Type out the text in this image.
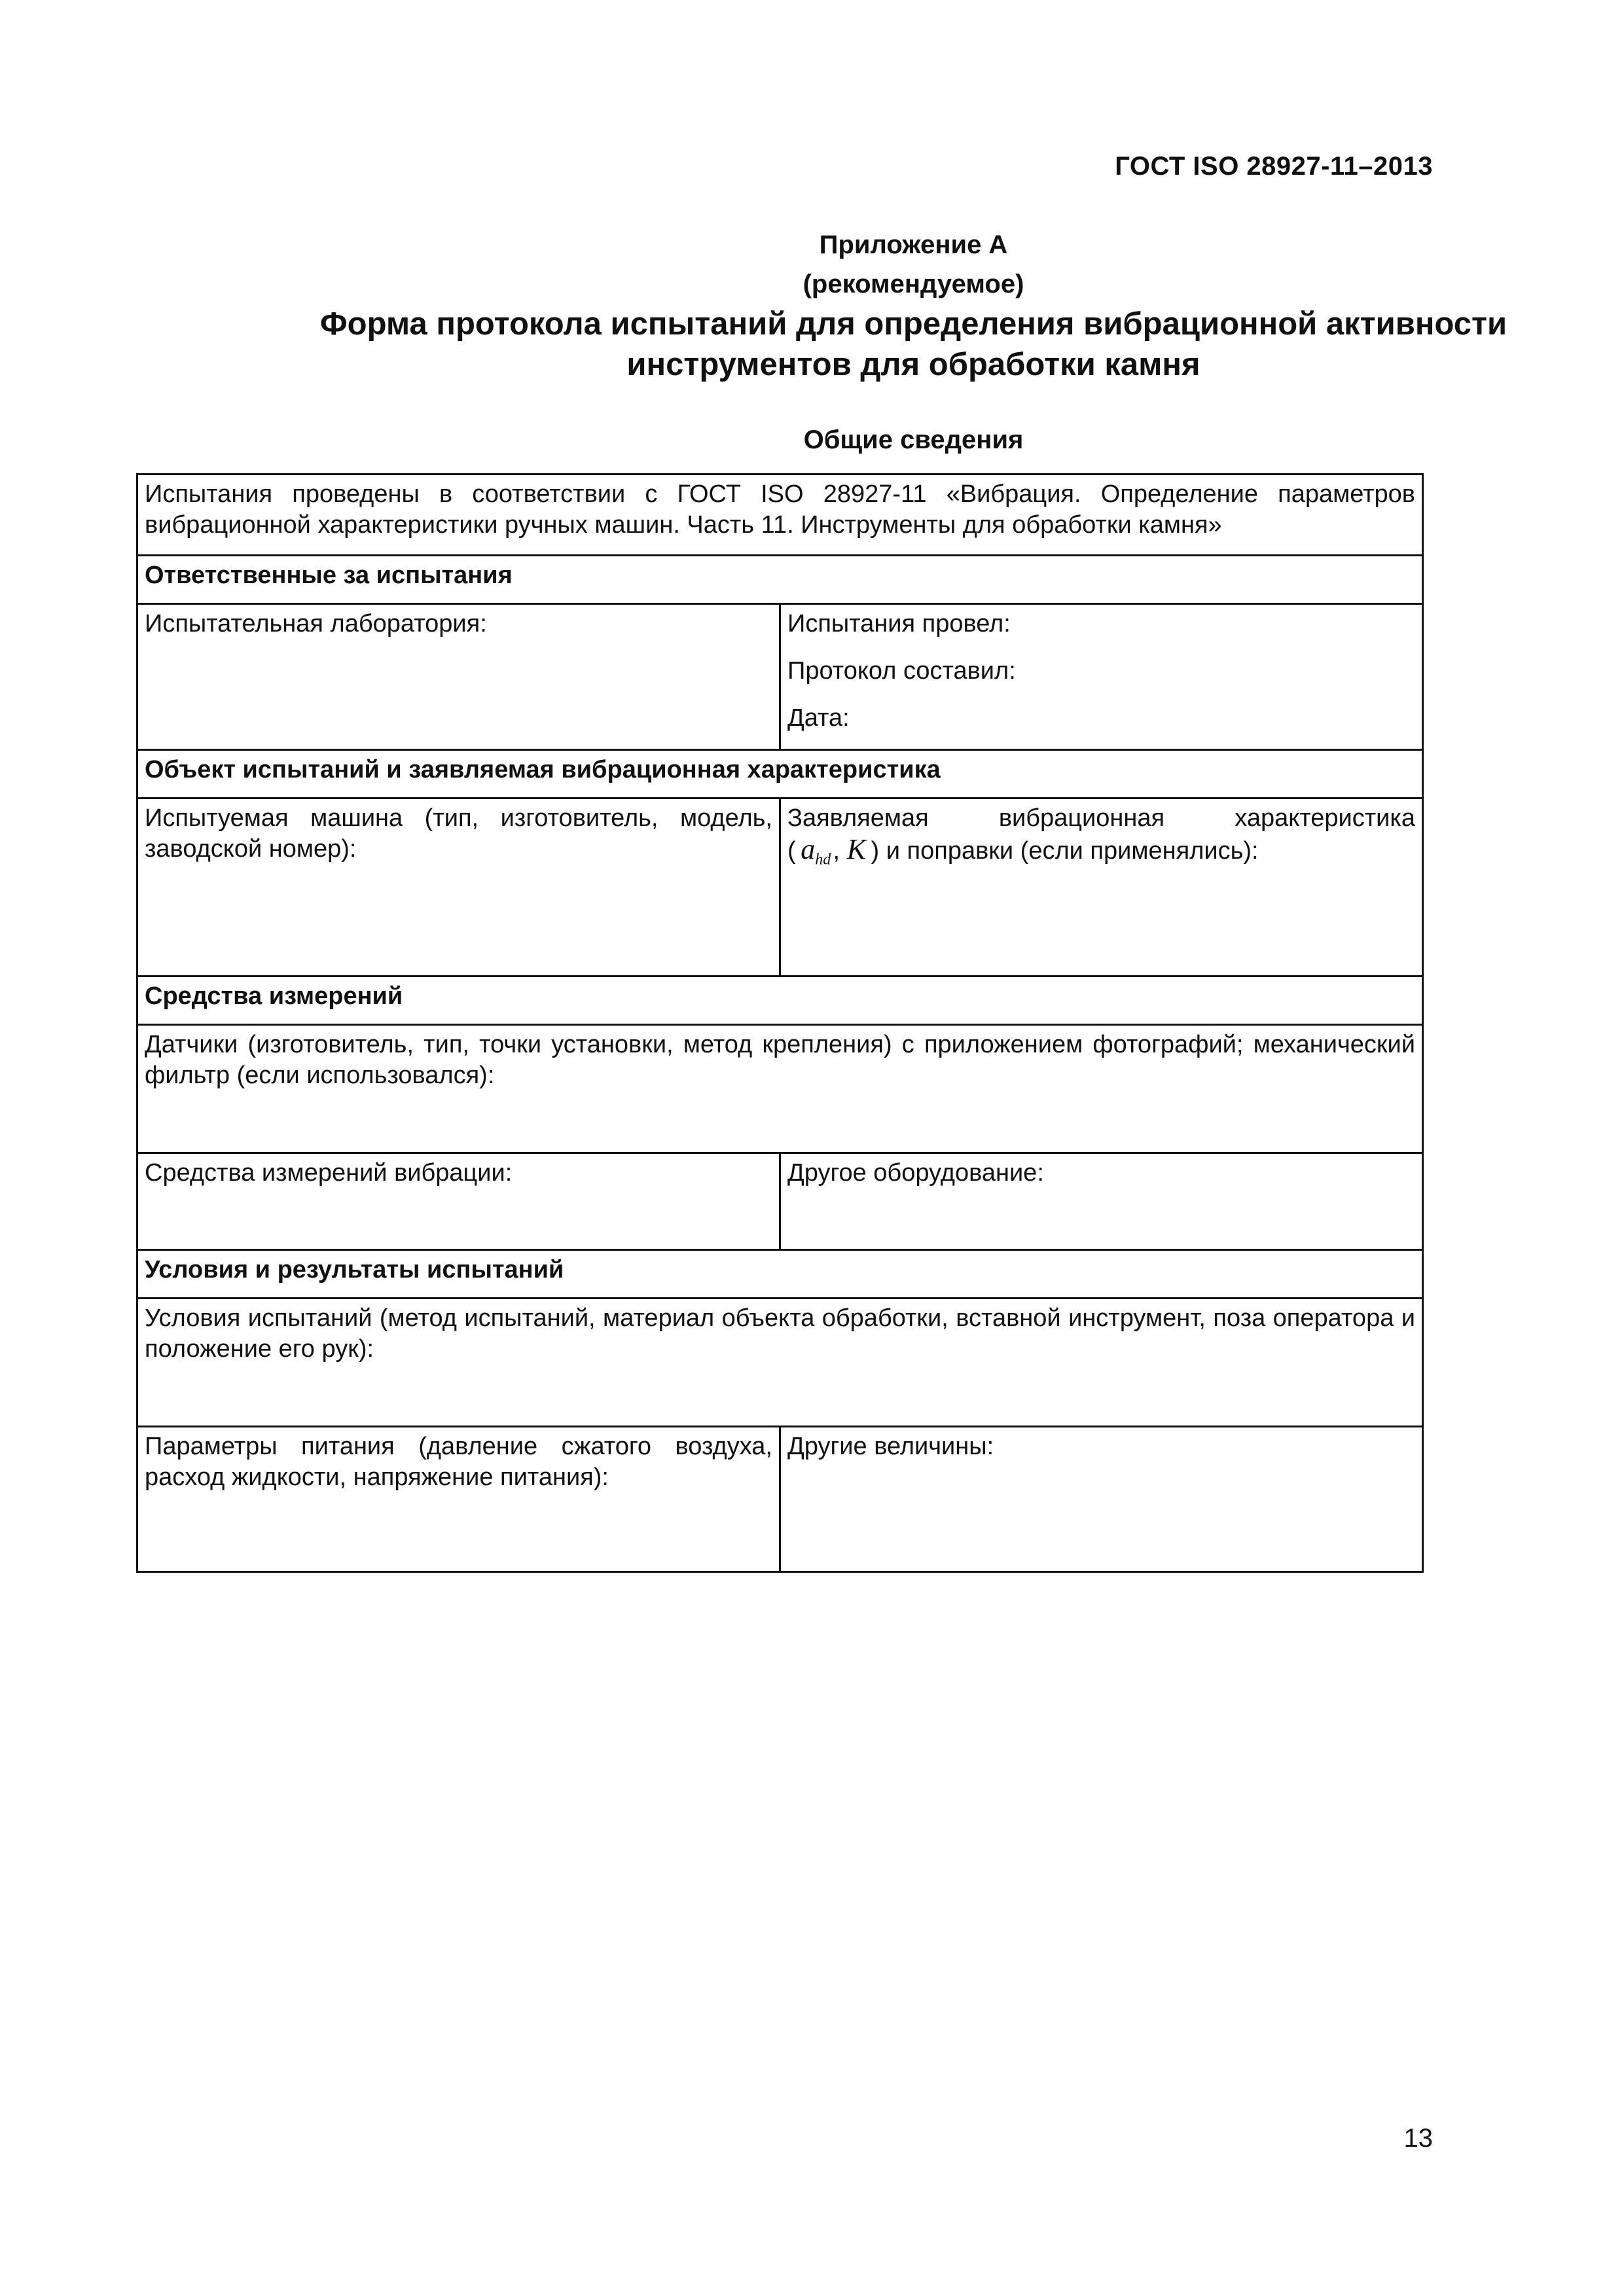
ГОСТ ISO 28927-11–2013
Приложение А
(рекомендуемое)
Форма протокола испытаний для определения вибрационной активности
инструментов для обработки камня
Общие сведения
Испытания проведены в соответствии с ГОСТ ISO 28927-11 «Вибрация. Определение параметров вибрационной характеристики ручных машин. Часть 11. Инструменты для обработки камня»	
Ответственные за испытания	
Испытательная лаборатория:	Испытания провел:
Протокол составил:
Дата:

Объект испытаний и заявляемая вибрационная характеристика	
Испытуемая машина (тип, изготовитель, модель, заводской номер):	Заявляемая вибрационная характеристика
( $a_{hd}$ , K ) и поправки (если применялись):

Средства измерений	
Датчики (изготовитель, тип, точки установки, метод крепления) с приложением фотографий; механический фильтр (если использовался):	
Средства измерений вибрации:	Другое оборудование:
Условия и результаты испытаний	
Условия испытаний (метод испытаний, материал объекта обработки, вставной инструмент, поза оператора и положение его рук):	
Параметры питания (давление сжатого воздуха, расход жидкости, напряжение питания):	Другие величины:
13
